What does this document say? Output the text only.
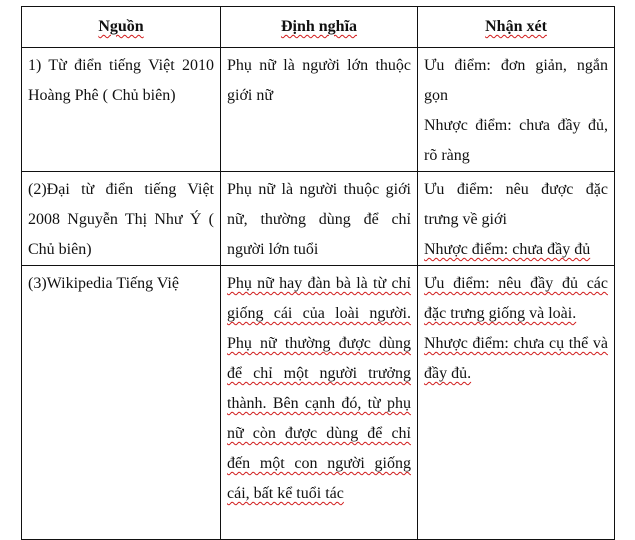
Nguồn	Định nghĩa	Nhận xét
1) Từ điển tiếng Việt 2010 Hoàng Phê ( Chủ biên)	Phụ nữ là người lớn thuộc giới nữ	Ưu điểm: đơn giản, ngắn gọn
Nhược điểm: chưa đầy đủ, rõ ràng

(2)Đại từ điển tiếng Việt 2008 Nguyễn Thị Như Ý ( Chủ biên)	Phụ nữ là người thuộc giới nữ, thường dùng để chỉ người lớn tuổi	Ưu điểm: nêu được đặc trưng về giới
Nhược điểm: chưa đầy đủ

(3)Wikipedia Tiếng Việ	Phụ nữ hay đàn bà là từ chỉ giống cái của loài người. Phụ nữ thường được dùng để chỉ một người trưởng thành. Bên cạnh đó, từ phụ nữ còn được dùng để chỉ đến một con người giống cái, bất kể tuổi tác	Ưu điểm: nêu đầy đủ các đặc trưng giống và loài.
Nhược điểm: chưa cụ thể và đầy đủ.
